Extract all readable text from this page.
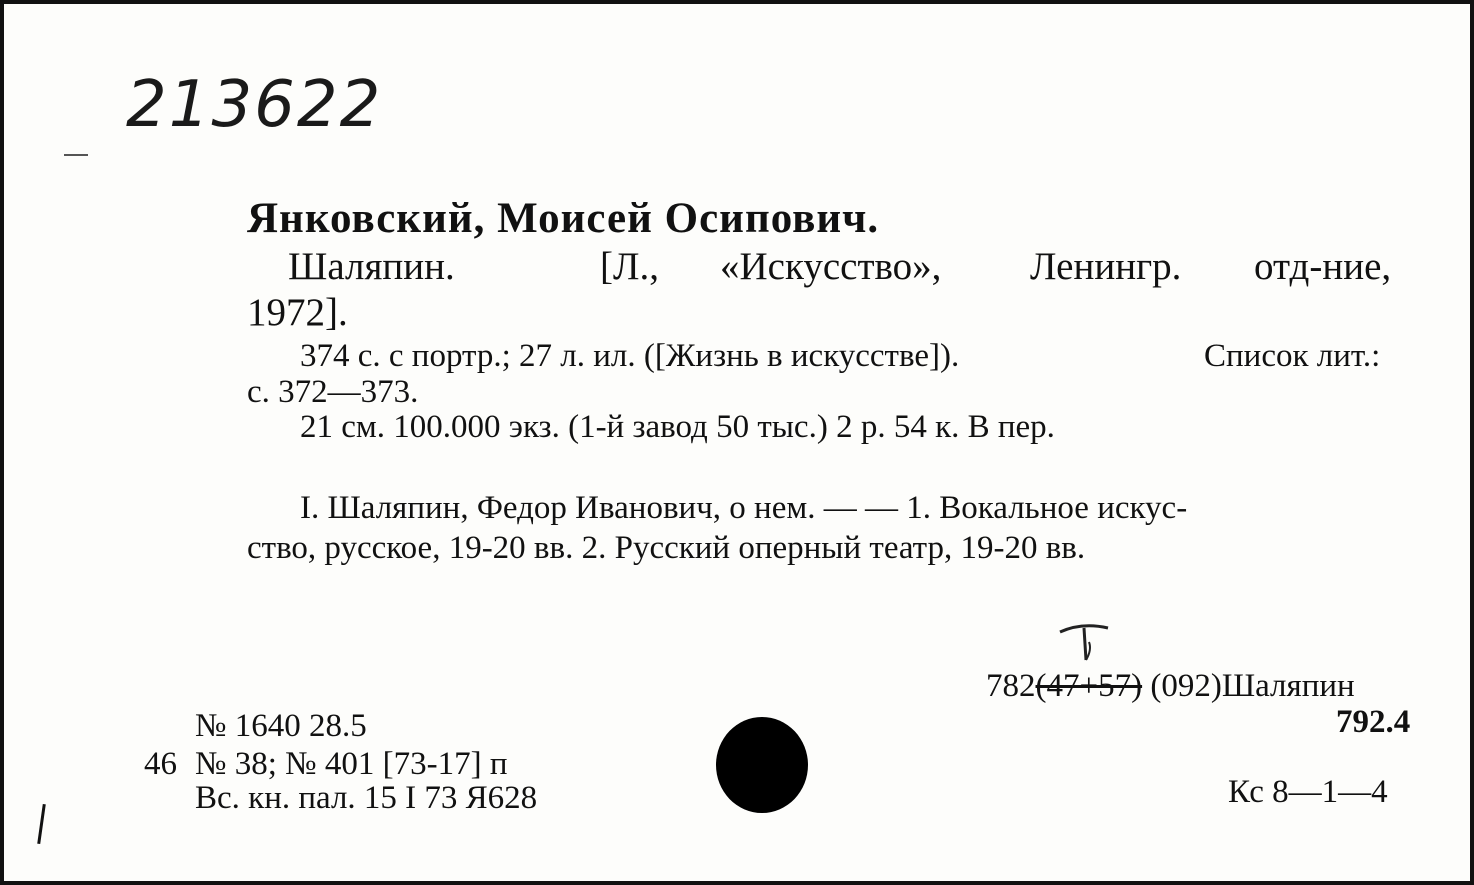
213622
Янковский, Моисей Осипович.
Шаляпин.	[Л., «Искусство», Ленингр. отд-ние,
1972].
374 с. с портр.; 27 л. ил. ([Жизнь в искусстве]).	Список лит.:
с. 372—373.
21 см. 100.000 экз. (1-й завод 50 тыс.) 2 р. 54 к. В пер.
I. Шаляпин, Федор Иванович, о нем. — — 1. Вокальное искус-
ство, русское, 19-20 вв. 2. Русский оперный театр, 19-20 вв.
№ 1640 28.5
46 № 38; № 401 [73-17] п
Вс. кн. пал. 15 I 73 Я628
782(47+57) (092)Шаляпин
792.4
Кс 8—1—4
